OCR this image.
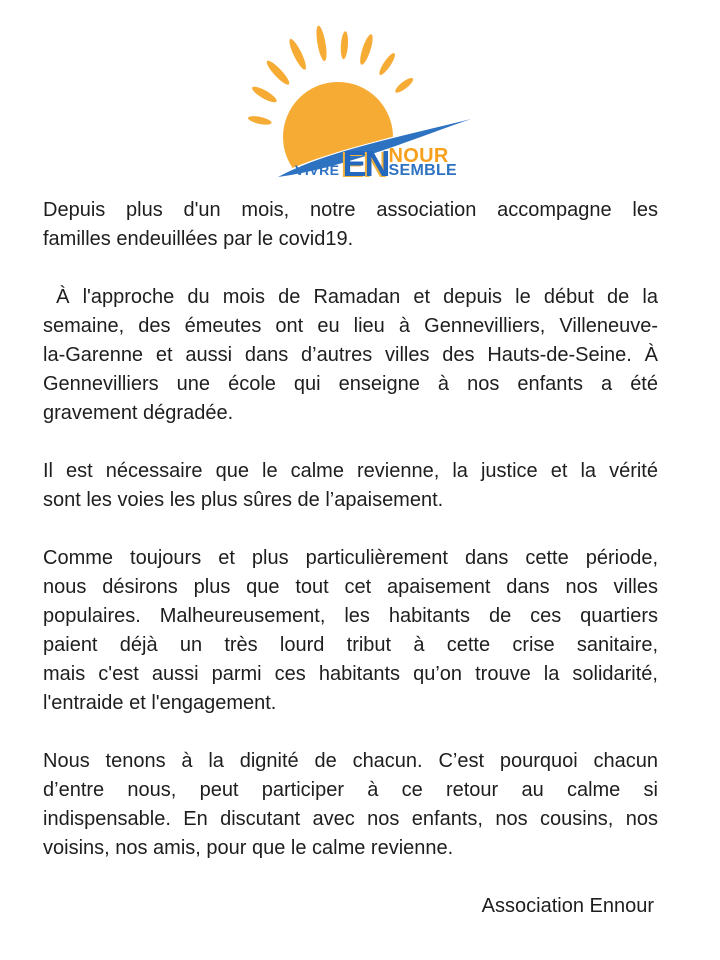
VIVRE EN NOUR
SEMBLE

Depuis plus d'un mois, notre association accompagne les
familles endeuillées par le covid19.

À l'approche du mois de Ramadan et depuis le début de la
semaine, des émeutes ont eu lieu à Gennevilliers, Villeneuve-
la-Garenne et aussi dans d’autres villes des Hauts-de-Seine. À
Gennevilliers une école qui enseigne à nos enfants a été
gravement dégradée.

Il est nécessaire que le calme revienne, la justice et la vérité
sont les voies les plus sûres de l’apaisement.

Comme toujours et plus particulièrement dans cette période,
nous désirons plus que tout cet apaisement dans nos villes
populaires. Malheureusement, les habitants de ces quartiers
paient déjà un très lourd tribut à cette crise sanitaire,
mais c'est aussi parmi ces habitants qu’on trouve la solidarité,
l'entraide et l'engagement.

Nous tenons à la dignité de chacun. C’est pourquoi chacun
d’entre nous, peut participer à ce retour au calme si
indispensable. En discutant avec nos enfants, nos cousins, nos
voisins, nos amis, pour que le calme revienne.

Association Ennour
